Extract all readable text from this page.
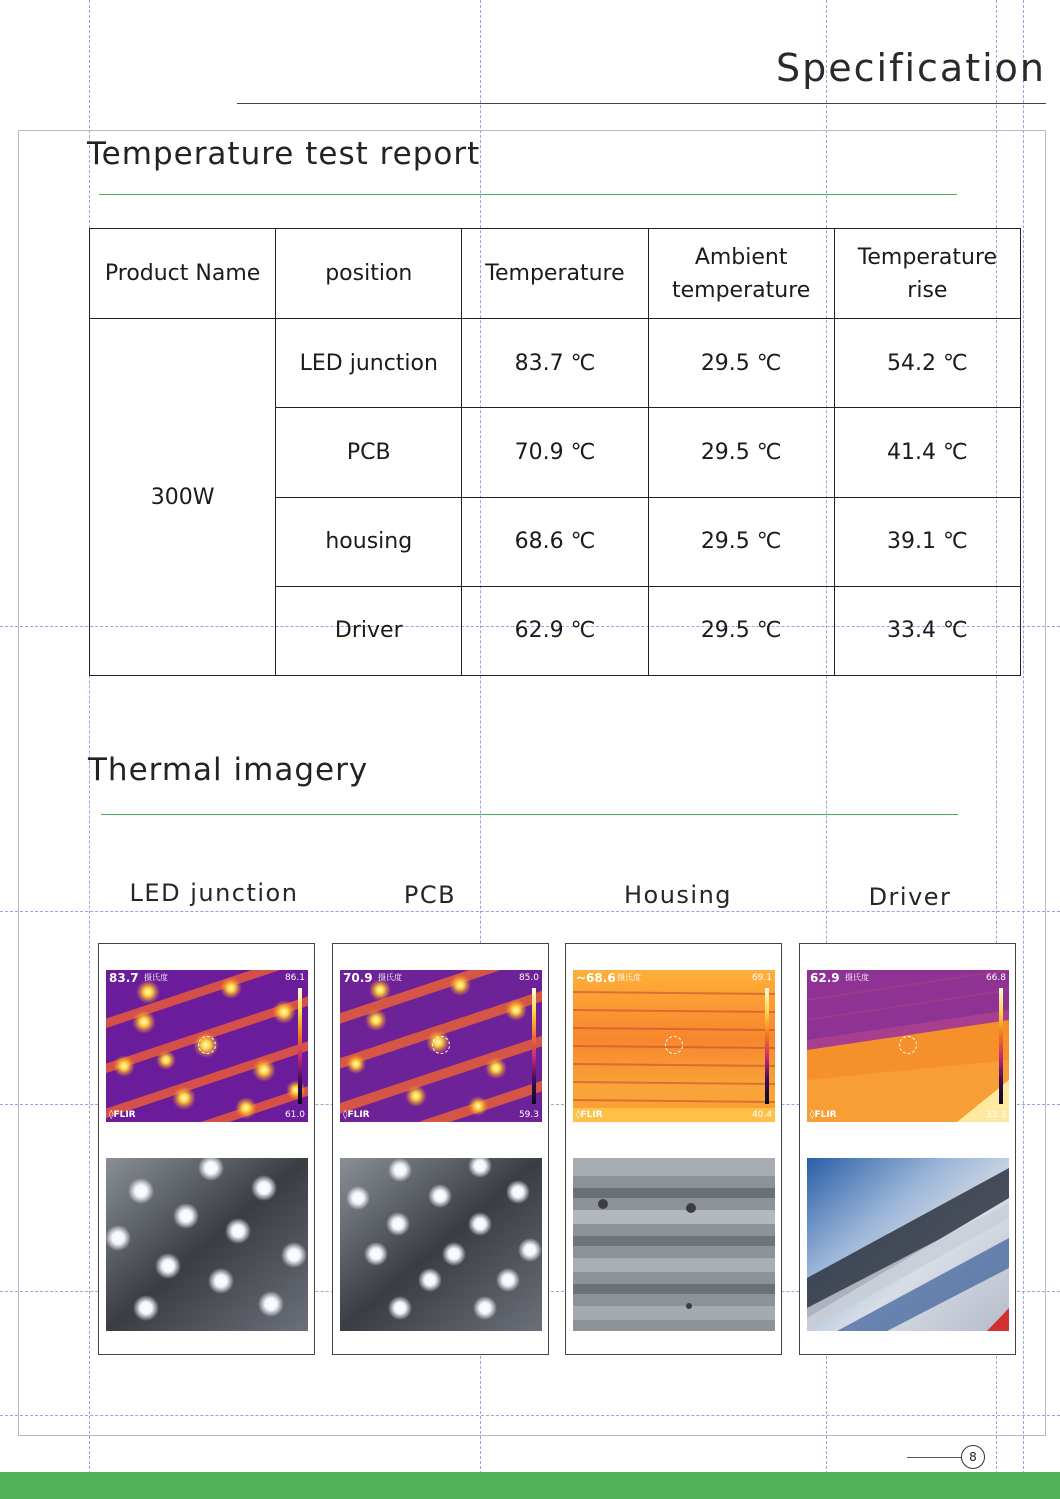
Specification
Temperature test report
Product Name	position	Temperature	Ambient temperature	Temperature rise
300W	LED junction	83.7 ℃	29.5 ℃	54.2 ℃
	PCB	70.9 ℃	29.5 ℃	41.4 ℃
	housing	68.6 ℃	29.5 ℃	39.1 ℃
	Driver	62.9 ℃	29.5 ℃	33.4 ℃
Thermal imagery
LED junction	PCB	Housing	Driver
83.7 摄氏度	86.1
61.0
◊FLIR
70.9 摄氏度	85.0
59.3
◊FLIR
~68.6 摄氏度	69.1
40.4
◊FLIR
62.9 摄氏度	66.8
33.3
◊FLIR
8
